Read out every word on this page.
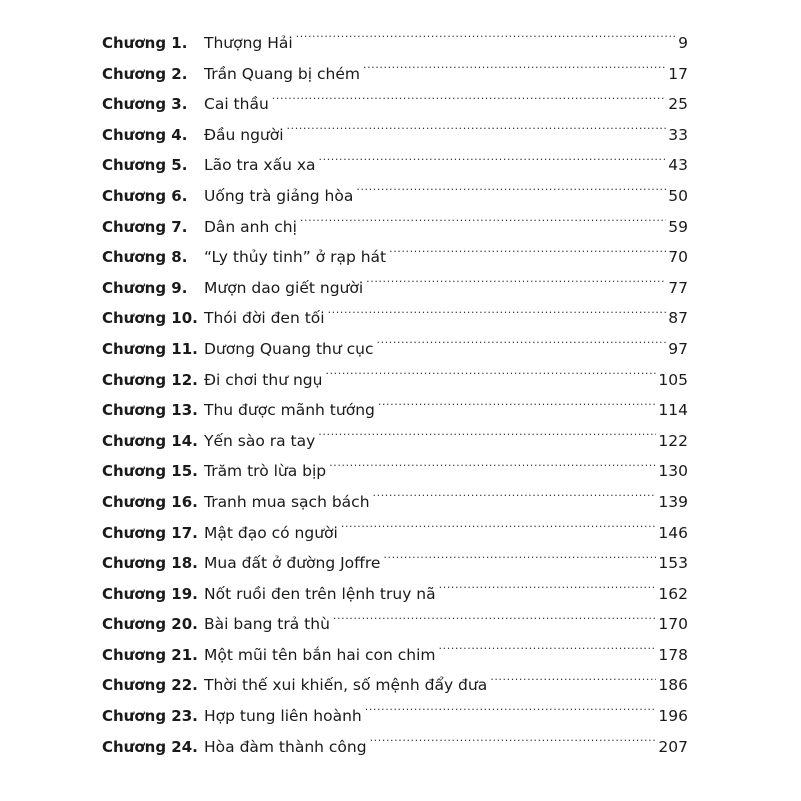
Chương 1.	Thượng Hải .....	9
Chương 2.	Trần Quang bị chém .....	17
Chương 3.	Cai thầu .....	25
Chương 4.	Đầu người .....	33
Chương 5.	Lão tra xấu xa .....	43
Chương 6.	Uống trà giảng hòa .....	50
Chương 7.	Dân anh chị .....	59
Chương 8.	“Ly thủy tinh” ở rạp hát .....	70
Chương 9.	Mượn dao giết người .....	77
Chương 10. Thói đời đen tối .....	87
Chương 11. Dương Quang thư cục .....	97
Chương 12. Đi chơi thư ngụ .....	105
Chương 13. Thu được mãnh tướng .....	114
Chương 14. Yến sào ra tay .....	122
Chương 15. Trăm trò lừa bịp .....	130
Chương 16. Tranh mua sạch bách .....	139
Chương 17. Mật đạo có người .....	146
Chương 18. Mua đất ở đường Joffre .....	153
Chương 19. Nốt ruồi đen trên lệnh truy nã .....	162
Chương 20. Bài bang trả thù .....	170
Chương 21. Một mũi tên bắn hai con chim .....	178
Chương 22. Thời thế xui khiến, số mệnh đẩy đưa .....	186
Chương 23. Hợp tung liên hoành .....	196
Chương 24. Hòa đàm thành công .....	207
